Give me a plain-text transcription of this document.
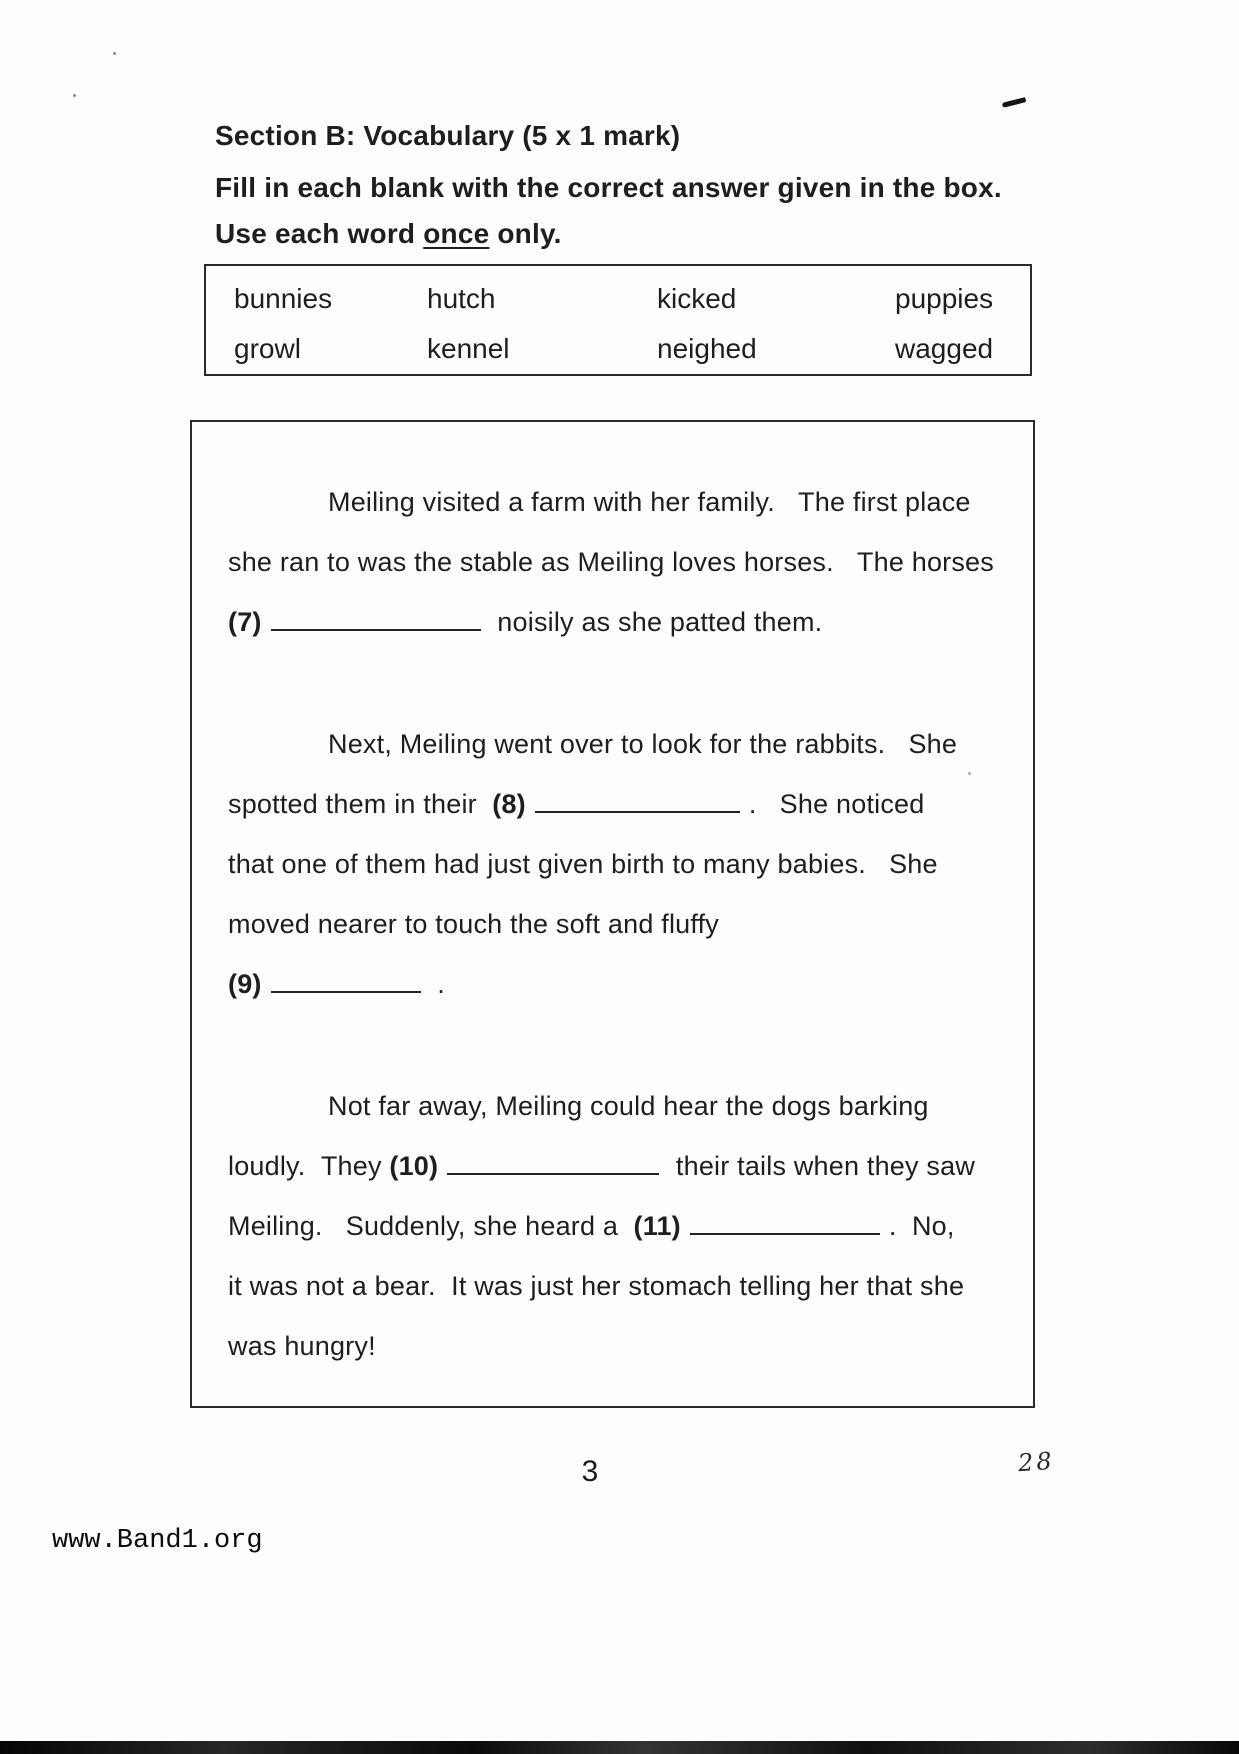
Section B: Vocabulary (5 x 1 mark)

Fill in each blank with the correct answer given in the box.

Use each word once only.

bunnies	hutch	kicked	puppies
growl	kennel	neighed	wagged
Meiling visited a farm with her family.   The first place
she ran to was the stable as Meiling loves horses.   The horses
(7)	noisily as she patted them.
Next, Meiling went over to look for the rabbits.   She
spotted them in their  (8)	.   She noticed
that one of them had just given birth to many babies.   She
moved nearer to touch the soft and fluffy
(9)	.
Not far away, Meiling could hear the dogs barking
loudly.  They (10)	their tails when they saw
Meiling.   Suddenly, she heard a  (11)	.  No,
it was not a bear.  It was just her stomach telling her that she
was hungry!
3	28
www.Band1.org
